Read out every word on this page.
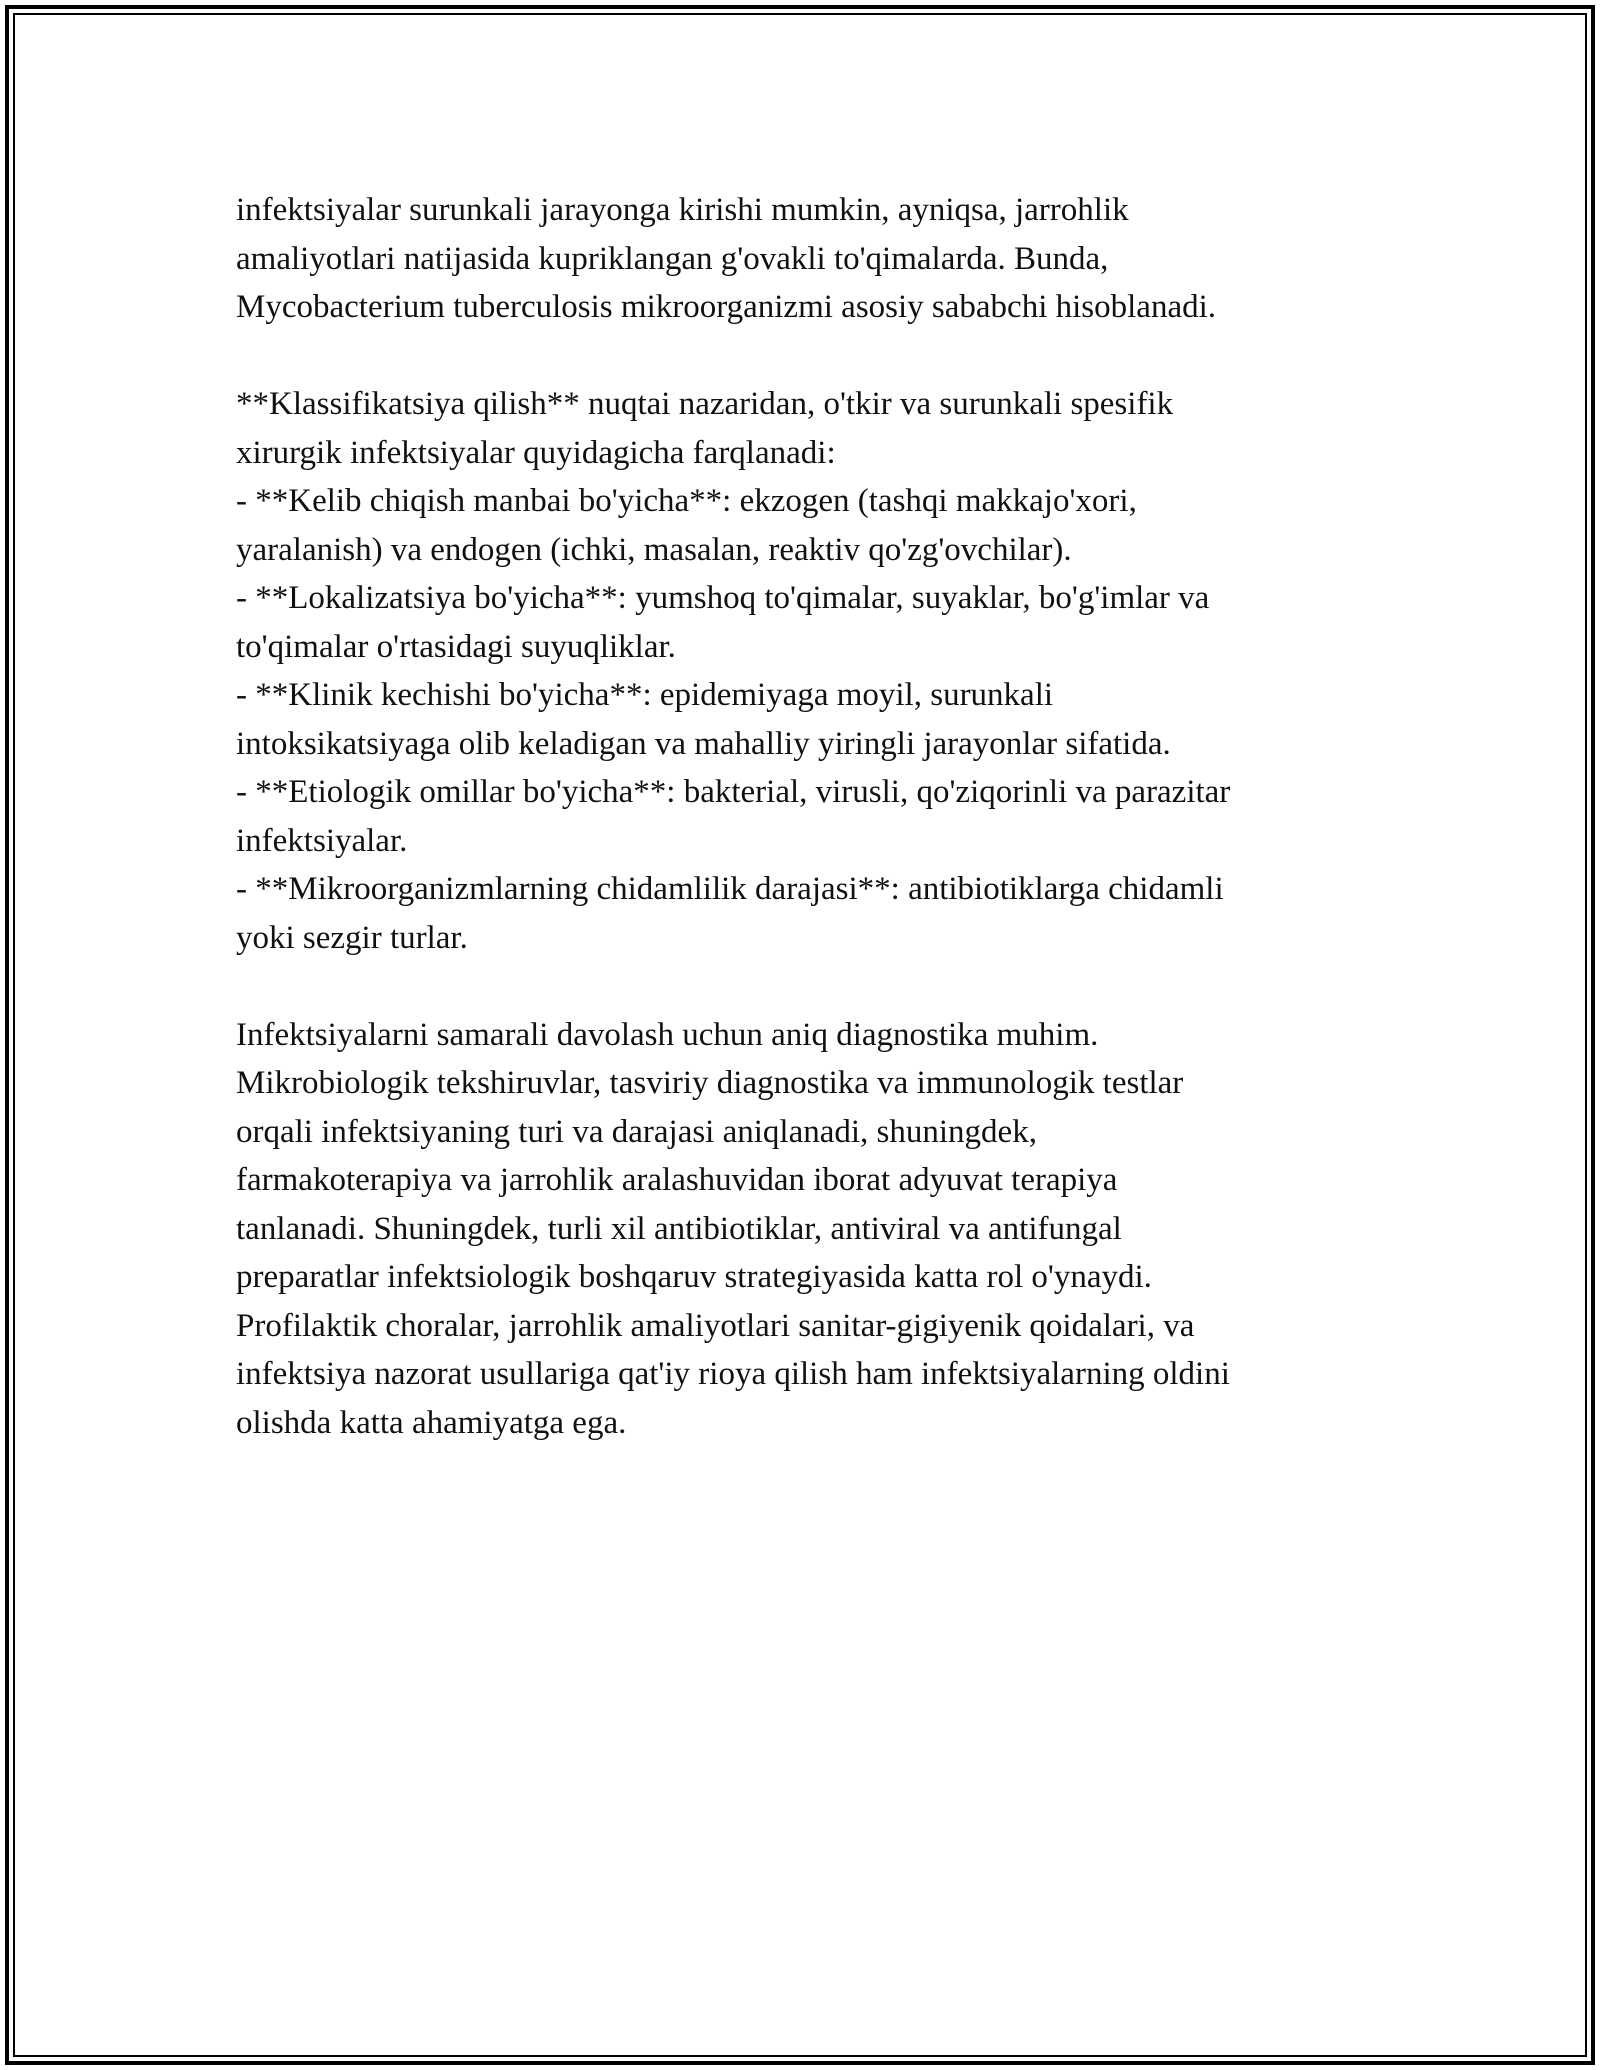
infektsiyalar surunkali jarayonga kirishi mumkin, ayniqsa, jarrohlik
amaliyotlari natijasida kupriklangan g'ovakli to'qimalarda. Bunda,
Mycobacterium tuberculosis mikroorganizmi asosiy sababchi hisoblanadi.

**Klassifikatsiya qilish** nuqtai nazaridan, o'tkir va surunkali spesifik
xirurgik infektsiyalar quyidagicha farqlanadi:
- **Kelib chiqish manbai bo'yicha**: ekzogen (tashqi makkajo'xori,
yaralanish) va endogen (ichki, masalan, reaktiv qo'zg'ovchilar).
- **Lokalizatsiya bo'yicha**: yumshoq to'qimalar, suyaklar, bo'g'imlar va
to'qimalar o'rtasidagi suyuqliklar.
- **Klinik kechishi bo'yicha**: epidemiyaga moyil, surunkali
intoksikatsiyaga olib keladigan va mahalliy yiringli jarayonlar sifatida.
- **Etiologik omillar bo'yicha**: bakterial, virusli, qo'ziqorinli va parazitar
infektsiyalar.
- **Mikroorganizmlarning chidamlilik darajasi**: antibiotiklarga chidamli
yoki sezgir turlar.

Infektsiyalarni samarali davolash uchun aniq diagnostika muhim.
Mikrobiologik tekshiruvlar, tasviriy diagnostika va immunologik testlar
orqali infektsiyaning turi va darajasi aniqlanadi, shuningdek,
farmakoterapiya va jarrohlik aralashuvidan iborat adyuvat terapiya
tanlanadi. Shuningdek, turli xil antibiotiklar, antiviral va antifungal
preparatlar infektsiologik boshqaruv strategiyasida katta rol o'ynaydi.
Profilaktik choralar, jarrohlik amaliyotlari sanitar-gigiyenik qoidalari, va
infektsiya nazorat usullariga qat'iy rioya qilish ham infektsiyalarning oldini
olishda katta ahamiyatga ega.
